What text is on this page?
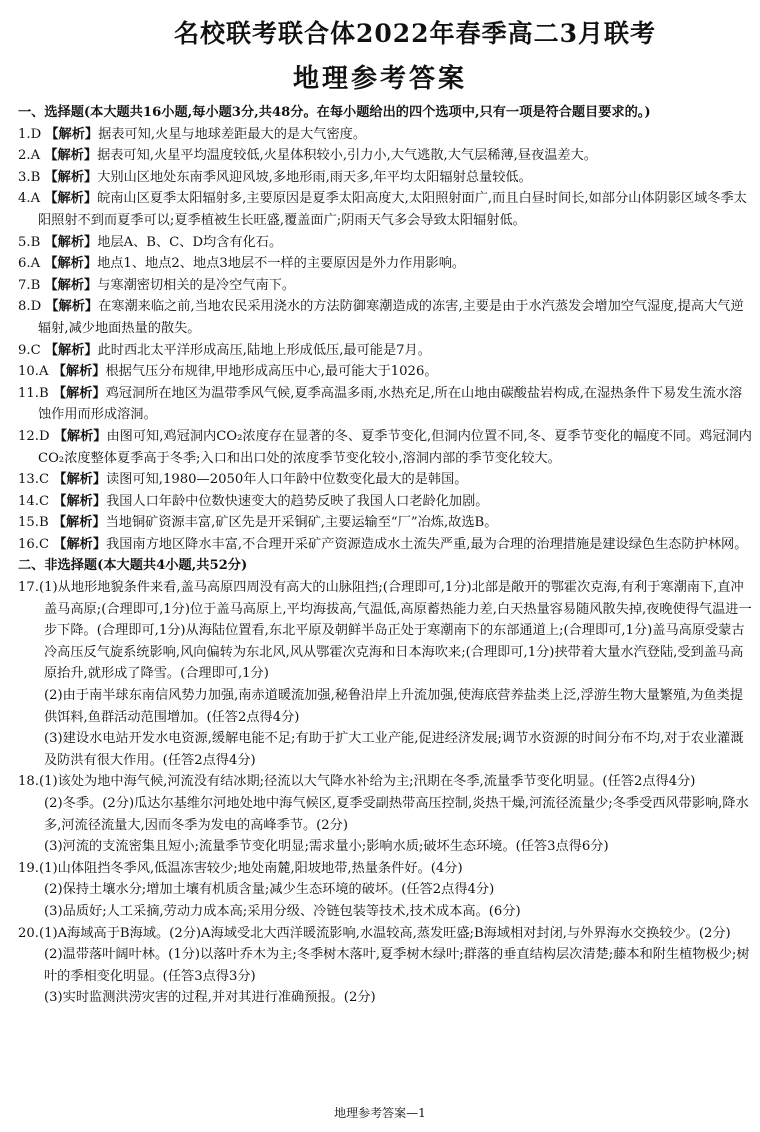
名校联考联合体2022年春季高二3月联考
地理参考答案
一、选择题(本大题共16小题,每小题3分,共48分。在每小题给出的四个选项中,只有一项是符合题目要求的。)
1.D 【解析】据表可知,火星与地球差距最大的是大气密度。
2.A 【解析】据表可知,火星平均温度较低,火星体积较小,引力小,大气逃散,大气层稀薄,昼夜温差大。
3.B 【解析】大别山区地处东南季风迎风坡,多地形雨,雨天多,年平均太阳辐射总量较低。
4.A 【解析】皖南山区夏季太阳辐射多,主要原因是夏季太阳高度大,太阳照射面广,而且白昼时间长,如部分山体阴影区域冬季太阳照射不到而夏季可以;夏季植被生长旺盛,覆盖面广;阴雨天气多会导致太阳辐射低。
5.B 【解析】地层A、B、C、D均含有化石。
6.A 【解析】地点1、地点2、地点3地层不一样的主要原因是外力作用影响。
7.B 【解析】与寒潮密切相关的是冷空气南下。
8.D 【解析】在寒潮来临之前,当地农民采用浇水的方法防御寒潮造成的冻害,主要是由于水汽蒸发会增加空气湿度,提高大气逆辐射,减少地面热量的散失。
9.C 【解析】此时西北太平洋形成高压,陆地上形成低压,最可能是7月。
10.A 【解析】根据气压分布规律,甲地形成高压中心,最可能大于1026。
11.B 【解析】鸡冠洞所在地区为温带季风气候,夏季高温多雨,水热充足,所在山地由碳酸盐岩构成,在湿热条件下易发生流水溶蚀作用而形成溶洞。
12.D 【解析】由图可知,鸡冠洞内CO₂浓度存在显著的冬、夏季节变化,但洞内位置不同,冬、夏季节变化的幅度不同。鸡冠洞内CO₂浓度整体夏季高于冬季;入口和出口处的浓度季节变化较小,溶洞内部的季节变化较大。
13.C 【解析】读图可知,1980—2050年人口年龄中位数变化最大的是韩国。
14.C 【解析】我国人口年龄中位数快速变大的趋势反映了我国人口老龄化加剧。
15.B 【解析】当地铜矿资源丰富,矿区先是开采铜矿,主要运输至“厂”冶炼,故选B。
16.C 【解析】我国南方地区降水丰富,不合理开采矿产资源造成水土流失严重,最为合理的治理措施是建设绿色生态防护林网。
二、非选择题(本大题共4小题,共52分)
17.(1)从地形地貌条件来看,盖马高原四周没有高大的山脉阻挡;(合理即可,1分)北部是敞开的鄂霍次克海,有利于寒潮南下,直冲盖马高原;(合理即可,1分)位于盖马高原上,平均海拔高,气温低,高原蓄热能力差,白天热量容易随风散失掉,夜晚使得气温进一步下降。(合理即可,1分)从海陆位置看,东北平原及朝鲜半岛正处于寒潮南下的东部通道上;(合理即可,1分)盖马高原受蒙古冷高压反气旋系统影响,风向偏转为东北风,风从鄂霍次克海和日本海吹来;(合理即可,1分)挟带着大量水汽登陆,受到盖马高原抬升,就形成了降雪。(合理即可,1分)
(2)由于南半球东南信风势力加强,南赤道暖流加强,秘鲁沿岸上升流加强,使海底营养盐类上泛,浮游生物大量繁殖,为鱼类提供饵料,鱼群活动范围增加。(任答2点得4分)
(3)建设水电站开发水电资源,缓解电能不足;有助于扩大工业产能,促进经济发展;调节水资源的时间分布不均,对于农业灌溉及防洪有很大作用。(任答2点得4分)
18.(1)该处为地中海气候,河流没有结冰期;径流以大气降水补给为主;汛期在冬季,流量季节变化明显。(任答2点得4分)
(2)冬季。(2分)瓜达尔基维尔河地处地中海气候区,夏季受副热带高压控制,炎热干燥,河流径流量少;冬季受西风带影响,降水多,河流径流量大,因而冬季为发电的高峰季节。(2分)
(3)河流的支流密集且短小;流量季节变化明显;需求量小;影响水质;破坏生态环境。(任答3点得6分)
19.(1)山体阻挡冬季风,低温冻害较少;地处南麓,阳坡地带,热量条件好。(4分)
(2)保持土壤水分;增加土壤有机质含量;减少生态环境的破坏。(任答2点得4分)
(3)品质好;人工采摘,劳动力成本高;采用分级、冷链包装等技术,技术成本高。(6分)
20.(1)A海域高于B海域。(2分)A海域受北大西洋暖流影响,水温较高,蒸发旺盛;B海域相对封闭,与外界海水交换较少。(2分)
(2)温带落叶阔叶林。(1分)以落叶乔木为主;冬季树木落叶,夏季树木绿叶;群落的垂直结构层次清楚;藤本和附生植物极少;树叶的季相变化明显。(任答3点得3分)
(3)实时监测洪涝灾害的过程,并对其进行准确预报。(2分)
地理参考答案—1
